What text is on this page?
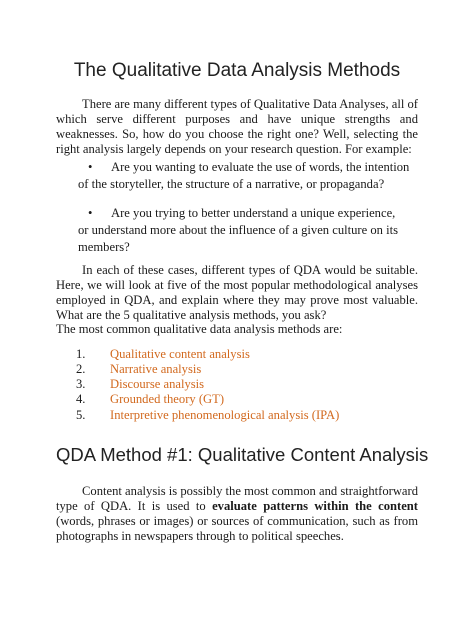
The Qualitative Data Analysis Methods
There are many different types of Qualitative Data Analyses, all of which serve different purposes and have unique strengths and weaknesses. So, how do you choose the right one? Well, selecting the right analysis largely depends on your research question. For example:
•	Are you wanting to evaluate the use of words, the intention
of the storyteller, the structure of a narrative, or propaganda?
•	Are you trying to better understand a unique experience,
or understand more about the influence of a given culture on its members?
In each of these cases, different types of QDA would be suitable. Here, we will look at five of the most popular methodological analyses employed in QDA, and explain where they may prove most valuable. What are the 5 qualitative analysis methods, you ask?
The most common qualitative data analysis methods are:
1. Qualitative content analysis
2. Narrative analysis
3. Discourse analysis
4. Grounded theory (GT)
5. Interpretive phenomenological analysis (IPA)
QDA Method #1: Qualitative Content Analysis
Content analysis is possibly the most common and straightforward type of QDA. It is used to evaluate patterns within the content (words, phrases or images) or sources of communication, such as from photographs in newspapers through to political speeches.
